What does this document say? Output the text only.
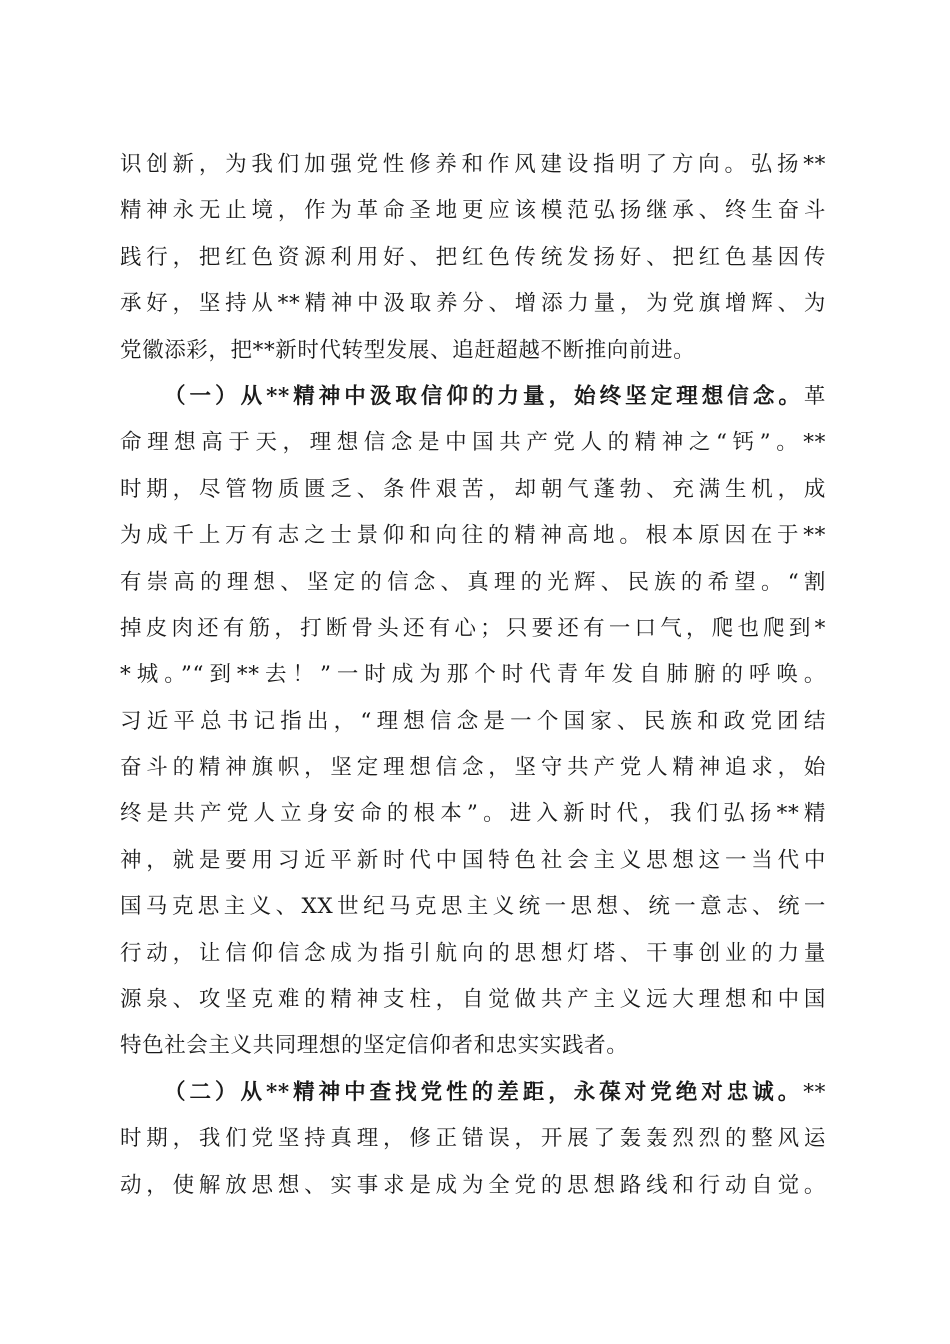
识创新，为我们加强党性修养和作风建设指明了方向。弘扬**
精神永无止境，作为革命圣地更应该模范弘扬继承、终生奋斗
践行，把红色资源利用好、把红色传统发扬好、把红色基因传
承好，坚持从**精神中汲取养分、增添力量，为党旗增辉、为
党徽添彩，把**新时代转型发展、追赶超越不断推向前进。
（一）从**精神中汲取信仰的力量，始终坚定理想信念。革
命理想高于天，理想信念是中国共产党人的精神之“钙”。**
时期，尽管物质匮乏、条件艰苦，却朝气蓬勃、充满生机，成
为成千上万有志之士景仰和向往的精神高地。根本原因在于**
有崇高的理想、坚定的信念、真理的光辉、民族的希望。“割
掉皮肉还有筋，打断骨头还有心；只要还有一口气，爬也爬到*
*城。”“到**去！”一时成为那个时代青年发自肺腑的呼唤。
习近平总书记指出，“理想信念是一个国家、民族和政党团结
奋斗的精神旗帜，坚定理想信念，坚守共产党人精神追求，始
终是共产党人立身安命的根本”。进入新时代，我们弘扬**精
神，就是要用习近平新时代中国特色社会主义思想这一当代中
国马克思主义、XX世纪马克思主义统一思想、统一意志、统一
行动，让信仰信念成为指引航向的思想灯塔、干事创业的力量
源泉、攻坚克难的精神支柱，自觉做共产主义远大理想和中国
特色社会主义共同理想的坚定信仰者和忠实实践者。
（二）从**精神中查找党性的差距，永葆对党绝对忠诚。**
时期，我们党坚持真理，修正错误，开展了轰轰烈烈的整风运
动，使解放思想、实事求是成为全党的思想路线和行动自觉。
